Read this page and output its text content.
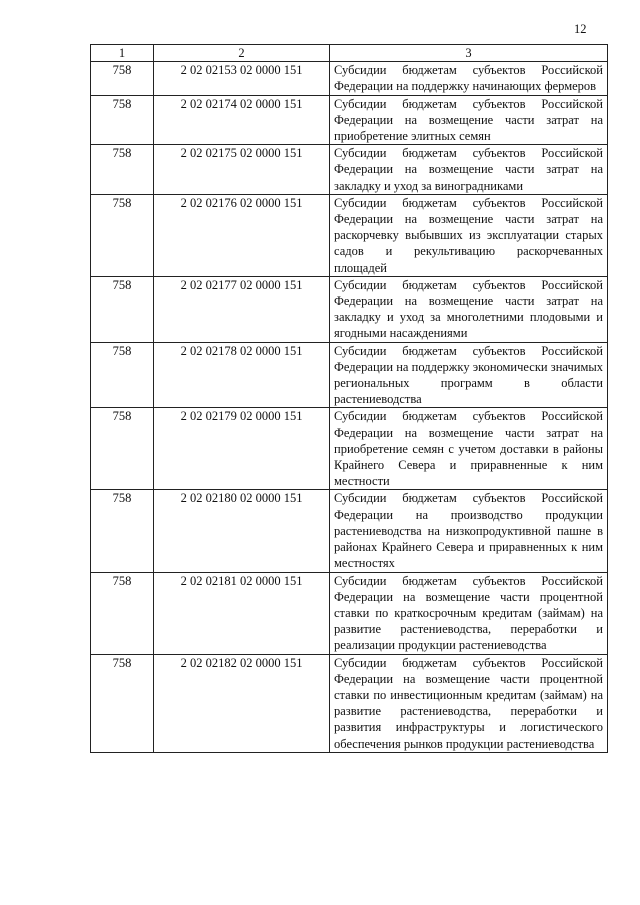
12
1	2	3
758	2 02 02153 02 0000 151	Субсидии бюджетам субъектов Российской Федерации на поддержку начинающих фермеров
758	2 02 02174 02 0000 151	Субсидии бюджетам субъектов Российской Федерации на возмещение части затрат на приобретение элитных семян
758	2 02 02175 02 0000 151	Субсидии бюджетам субъектов Российской Федерации на возмещение части затрат на закладку и уход за виноградниками
758	2 02 02176 02 0000 151	Субсидии бюджетам субъектов Российской Федерации на возмещение части затрат на раскорчевку выбывших из эксплуатации старых садов и рекультивацию раскорчеванных площадей
758	2 02 02177 02 0000 151	Субсидии бюджетам субъектов Российской Федерации на возмещение части затрат на закладку и уход за многолетними плодовыми и ягодными насаждениями
758	2 02 02178 02 0000 151	Субсидии бюджетам субъектов Российской Федерации на поддержку экономически значимых региональных программ в области растениеводства
758	2 02 02179 02 0000 151	Субсидии бюджетам субъектов Российской Федерации на возмещение части затрат на приобретение семян с учетом доставки в районы Крайнего Севера и приравненные к ним местности
758	2 02 02180 02 0000 151	Субсидии бюджетам субъектов Российской Федерации на производство продукции растениеводства на низкопродуктивной пашне в районах Крайнего Севера и приравненных к ним местностях
758	2 02 02181 02 0000 151	Субсидии бюджетам субъектов Российской Федерации на возмещение части процентной ставки по краткосрочным кредитам (займам) на развитие растениеводства, переработки и реализации продукции растениеводства
758	2 02 02182 02 0000 151	Субсидии бюджетам субъектов Российской Федерации на возмещение части процентной ставки по инвестиционным кредитам (займам) на развитие растениеводства, переработки и развития инфраструктуры и логистического обеспечения рынков продукции растениеводства
